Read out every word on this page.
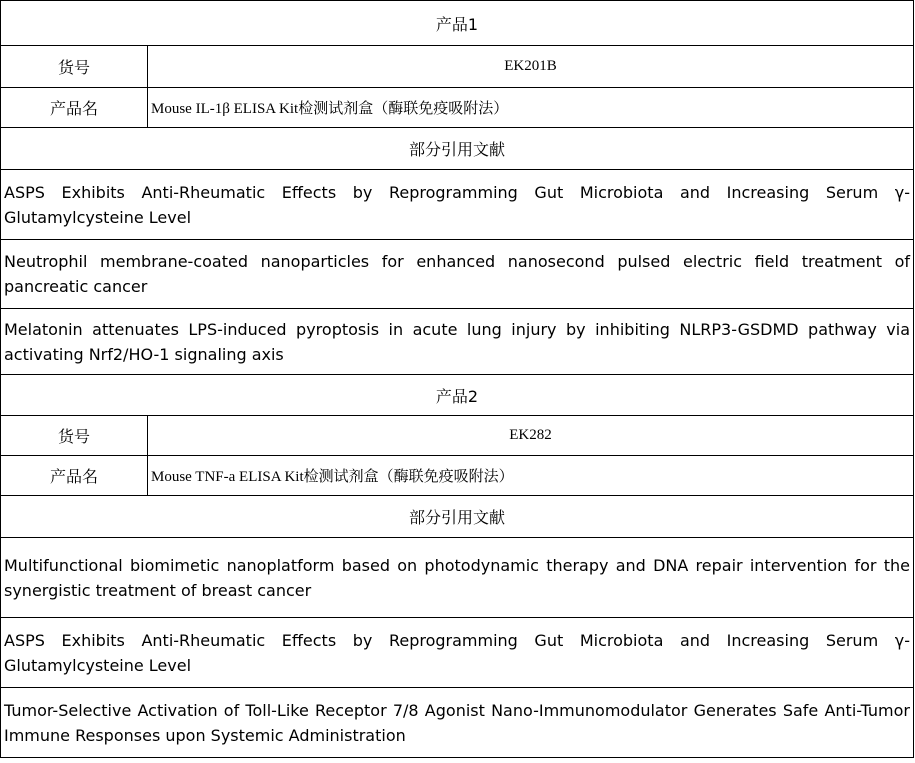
产品1	
货号	EK201B
产品名	Mouse IL-1β ELISA Kit检测试剂盒（酶联免疫吸附法）
部分引用文献	
ASPS Exhibits Anti-Rheumatic Effects by Reprogramming Gut Microbiota and Increasing Serum γ-Glutamylcysteine Level	
Neutrophil membrane-coated nanoparticles for enhanced nanosecond pulsed electric field treatment of pancreatic cancer	
Melatonin attenuates LPS-induced pyroptosis in acute lung injury by inhibiting NLRP3-GSDMD pathway via activating Nrf2/HO-1 signaling axis	
产品2	
货号	EK282
产品名	Mouse TNF-a ELISA Kit检测试剂盒（酶联免疫吸附法）
部分引用文献	
Multifunctional biomimetic nanoplatform based on photodynamic therapy and DNA repair intervention for the synergistic treatment of breast cancer	
ASPS Exhibits Anti-Rheumatic Effects by Reprogramming Gut Microbiota and Increasing Serum γ-Glutamylcysteine Level	
Tumor-Selective Activation of Toll-Like Receptor 7/8 Agonist Nano-Immunomodulator Generates Safe Anti-Tumor Immune Responses upon Systemic Administration	
